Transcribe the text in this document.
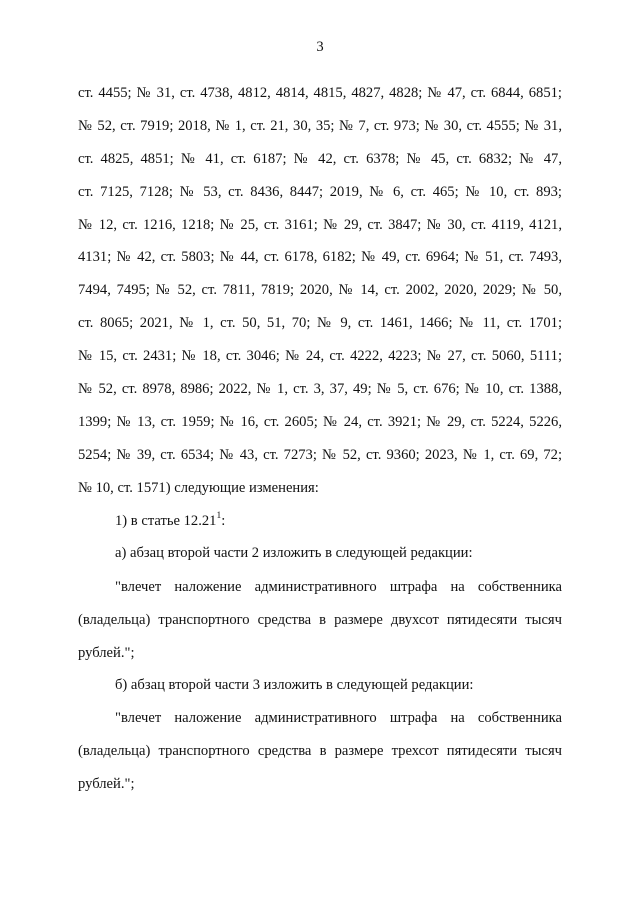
3
ст. 4455; № 31, ст. 4738, 4812, 4814, 4815, 4827, 4828; № 47, ст. 6844, 6851;
№ 52, ст. 7919; 2018, № 1, ст. 21, 30, 35; № 7, ст. 973; № 30, ст. 4555; № 31,
ст. 4825, 4851; № 41, ст. 6187; № 42, ст. 6378; № 45, ст. 6832; № 47,
ст. 7125, 7128; № 53, ст. 8436, 8447; 2019, № 6, ст. 465; № 10, ст. 893;
№ 12, ст. 1216, 1218; № 25, ст. 3161; № 29, ст. 3847; № 30, ст. 4119, 4121,
4131; № 42, ст. 5803; № 44, ст. 6178, 6182; № 49, ст. 6964; № 51, ст. 7493,
7494, 7495; № 52, ст. 7811, 7819; 2020, № 14, ст. 2002, 2020, 2029; № 50,
ст. 8065; 2021, № 1, ст. 50, 51, 70; № 9, ст. 1461, 1466; № 11, ст. 1701;
№ 15, ст. 2431; № 18, ст. 3046; № 24, ст. 4222, 4223; № 27, ст. 5060, 5111;
№ 52, ст. 8978, 8986; 2022, № 1, ст. 3, 37, 49; № 5, ст. 676; № 10, ст. 1388,
1399; № 13, ст. 1959; № 16, ст. 2605; № 24, ст. 3921; № 29, ст. 5224, 5226,
5254; № 39, ст. 6534; № 43, ст. 7273; № 52, ст. 9360; 2023, № 1, ст. 69, 72;
№ 10, ст. 1571) следующие изменения:
1) в статье 12.21$^1$:
а) абзац второй части 2 изложить в следующей редакции:
"влечет наложение административного штрафа на собственника
(владельца) транспортного средства в размере двухсот пятидесяти тысяч
рублей.";
б) абзац второй части 3 изложить в следующей редакции:
"влечет наложение административного штрафа на собственника
(владельца) транспортного средства в размере трехсот пятидесяти тысяч
рублей.";
